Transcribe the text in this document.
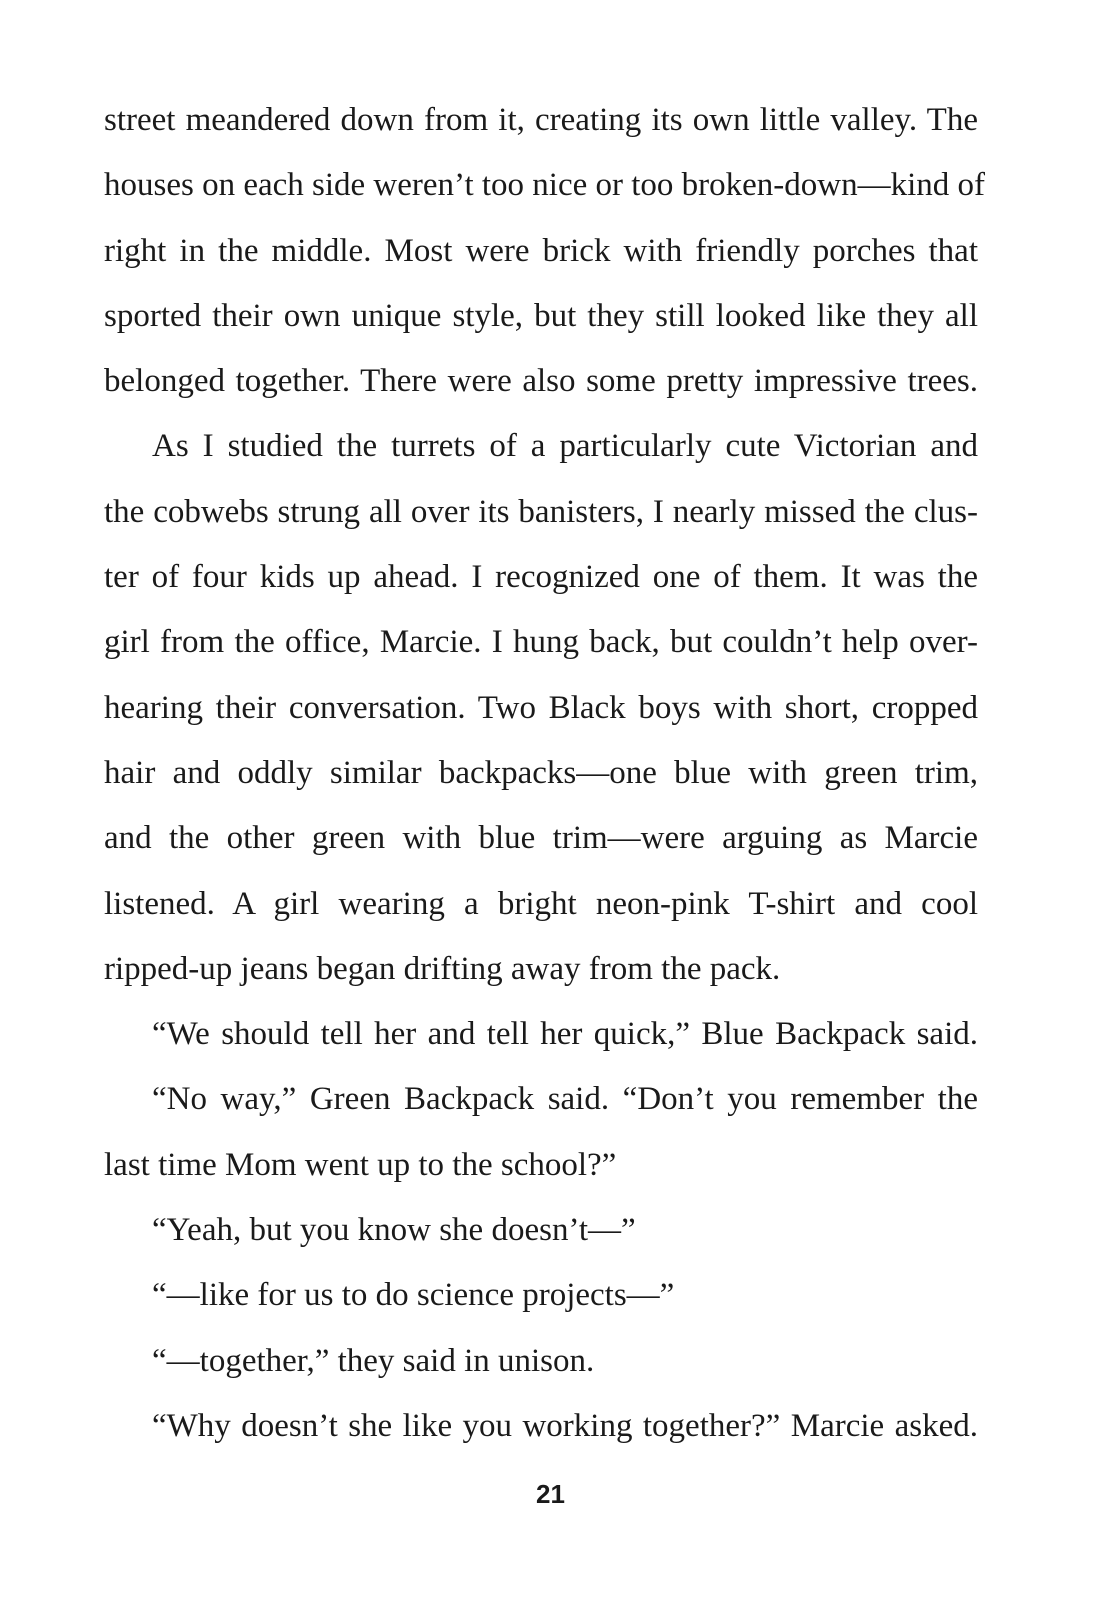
street meandered down from it, creating its own little valley. The
houses on each side weren’t too nice or too broken-down—kind of
right in the middle. Most were brick with friendly porches that
sported their own unique style, but they still looked like they all
belonged together. There were also some pretty impressive trees.
As I studied the turrets of a particularly cute Victorian and
the cobwebs strung all over its banisters, I nearly missed the clus-
ter of four kids up ahead. I recognized one of them. It was the
girl from the office, Marcie. I hung back, but couldn’t help over-
hearing their conversation. Two Black boys with short, cropped
hair and oddly similar backpacks—one blue with green trim,
and the other green with blue trim—were arguing as Marcie
listened. A girl wearing a bright neon-pink T-shirt and cool
ripped-up jeans began drifting away from the pack.
“We should tell her and tell her quick,” Blue Backpack said.
“No way,” Green Backpack said. “Don’t you remember the
last time Mom went up to the school?”
“Yeah, but you know she doesn’t—”
“—like for us to do science projects—”
“—together,” they said in unison.
“Why doesn’t she like you working together?” Marcie asked.
21
